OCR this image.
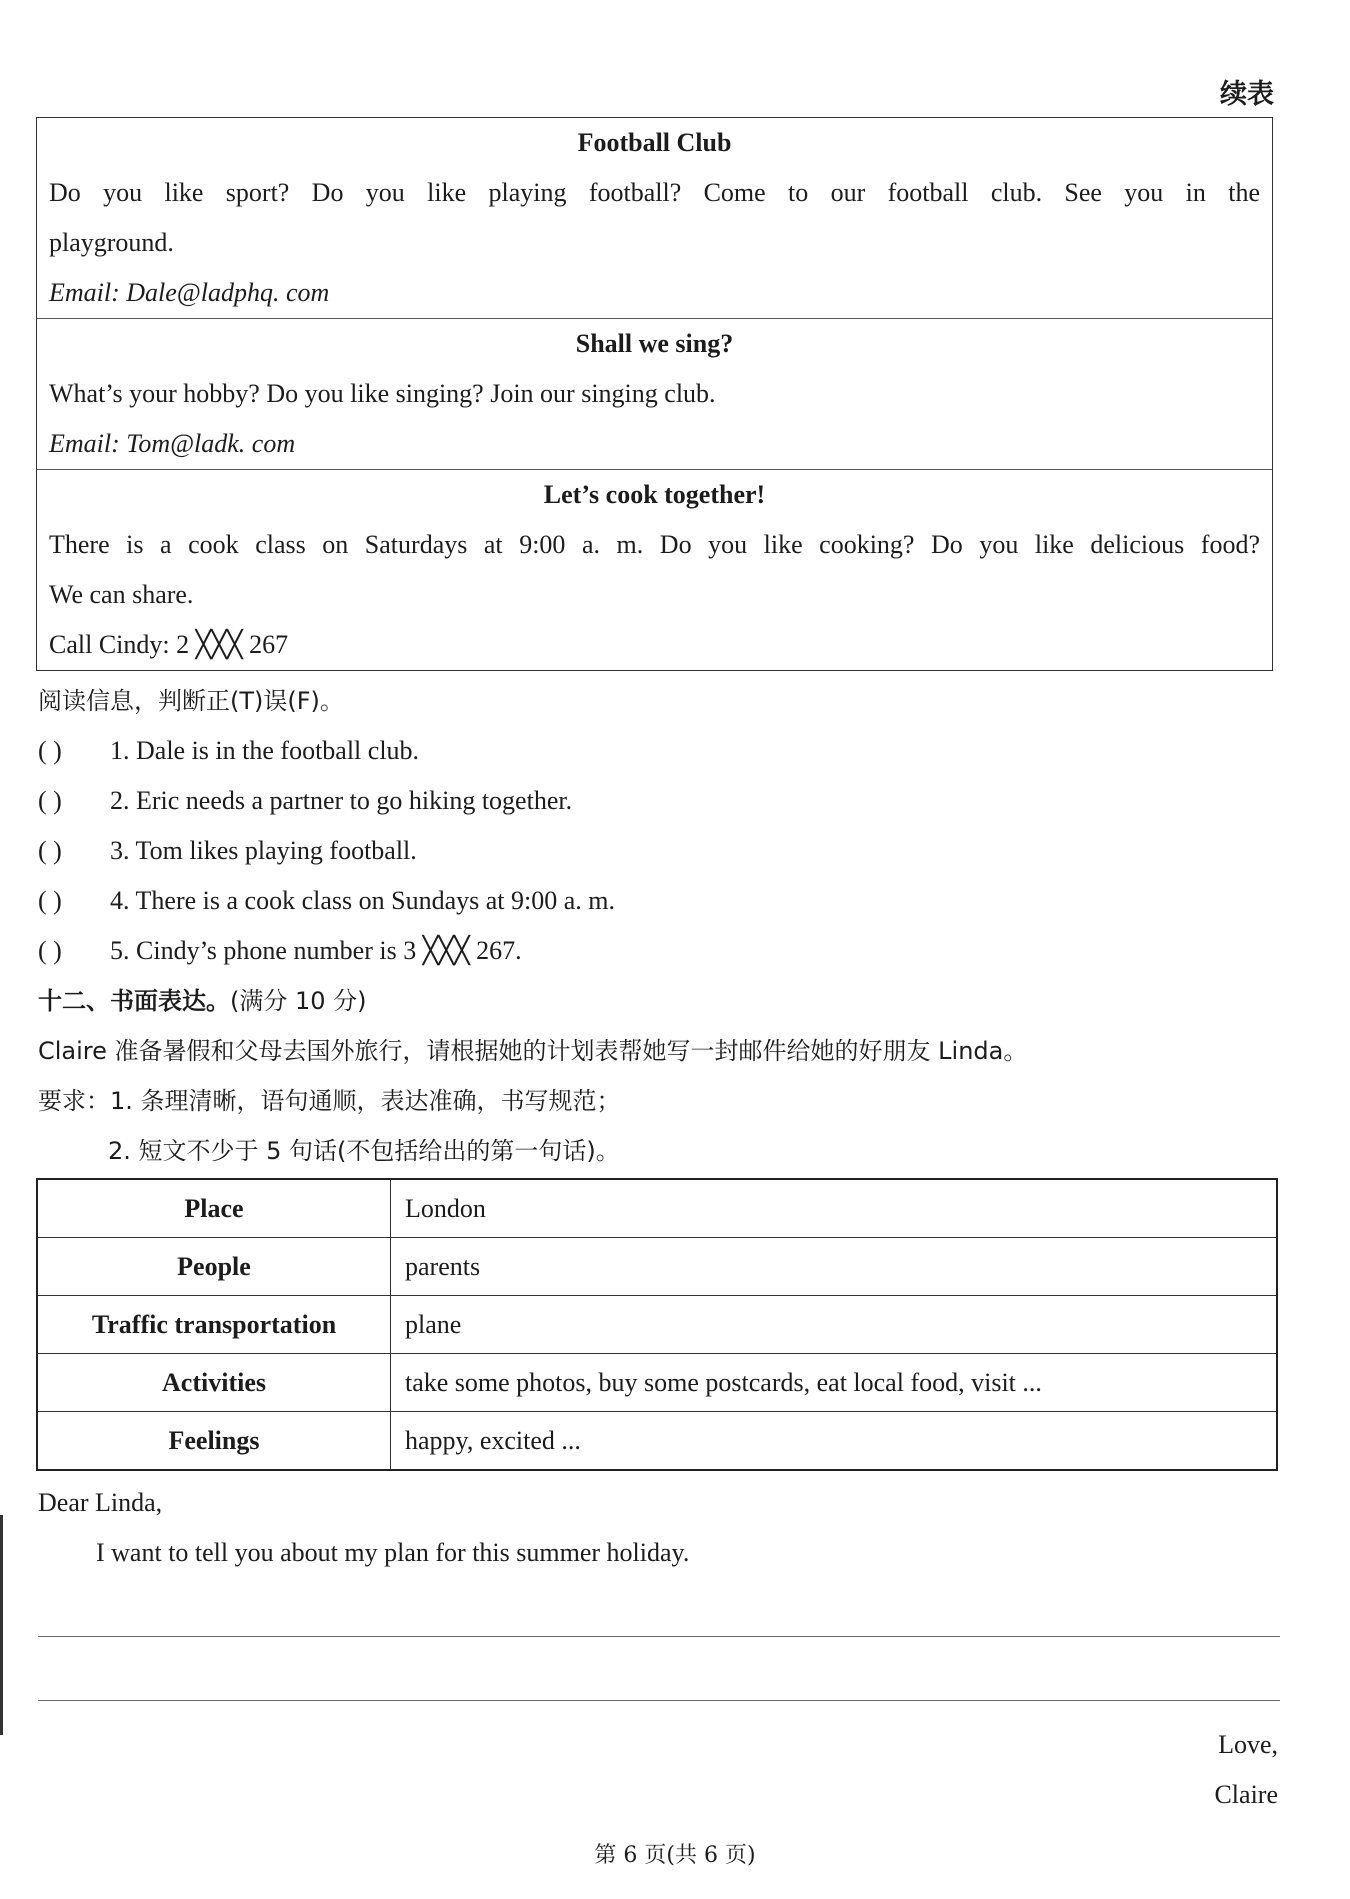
续表
Football Club
Do you like sport? Do you like playing football? Come to our football club. See you in the
playground.
Email: Dale@ladphq. com
Shall we sing?
What’s your hobby? Do you like singing? Join our singing club.
Email: Tom@ladk. com
Let’s cook together!
There is a cook class on Saturdays at 9:00 a. m. Do you like cooking? Do you like delicious food?
We can share.
Call Cindy: 2 ╳╳╳ 267
阅读信息，判断正(T)误(F)。
( ) 1. Dale is in the football club.
( ) 2. Eric needs a partner to go hiking together.
( ) 3. Tom likes playing football.
( ) 4. There is a cook class on Sundays at 9:00 a. m.
( ) 5. Cindy’s phone number is 3 ╳╳╳ 267.
十二、书面表达。(满分 10 分)
Claire 准备暑假和父母去国外旅行，请根据她的计划表帮她写一封邮件给她的好朋友 Linda。
要求：1. 条理清晰，语句通顺，表达准确，书写规范；
2. 短文不少于 5 句话(不包括给出的第一句话)。
Place	London
People	parents
Traffic transportation	plane
Activities	take some photos, buy some postcards, eat local food, visit ...
Feelings	happy, excited ...
Dear Linda,
I want to tell you about my plan for this summer holiday.
Love,
Claire
第 6 页(共 6 页)
